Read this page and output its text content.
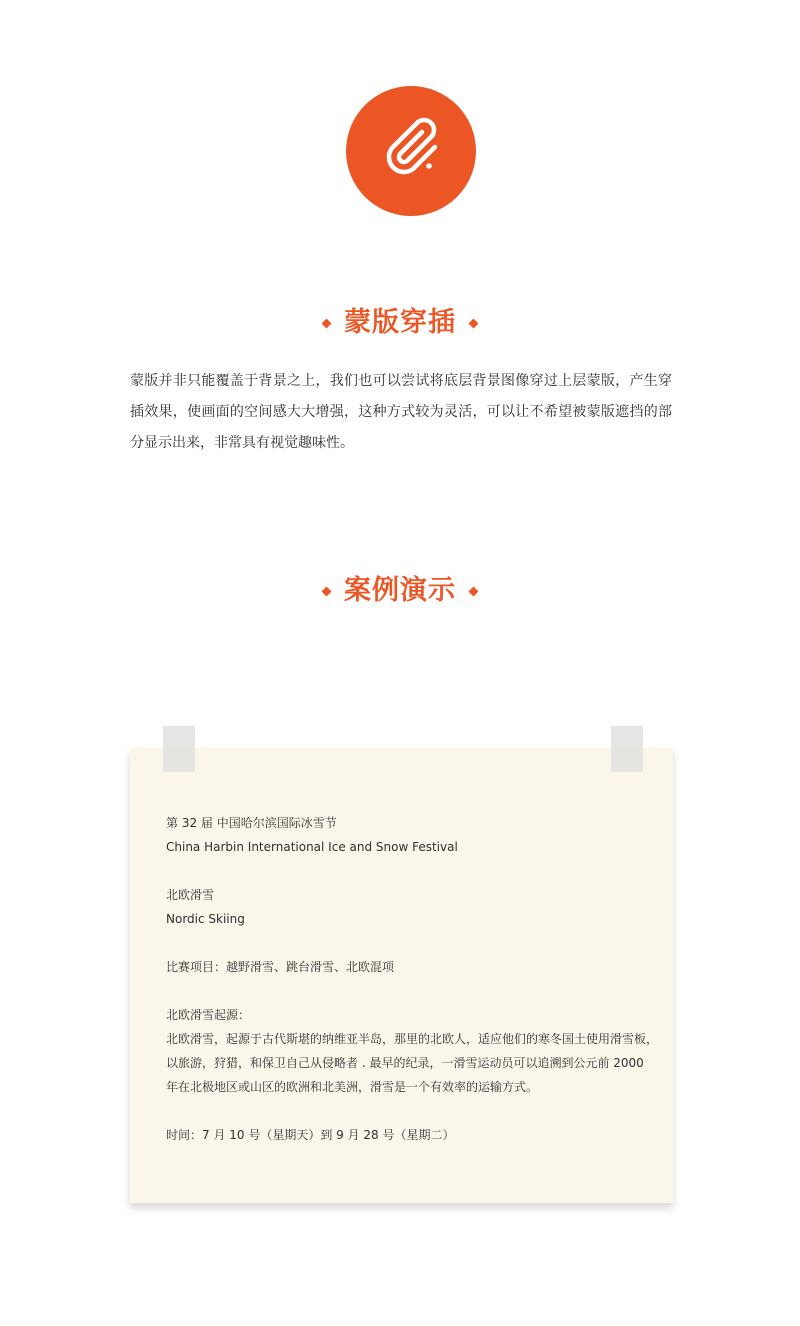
蒙版穿插

蒙版并非只能覆盖于背景之上，我们也可以尝试将底层背景图像穿过上层蒙版，产生穿插效果，使画面的空间感大大增强，这种方式较为灵活，可以让不希望被蒙版遮挡的部分显示出来，非常具有视觉趣味性。

案例演示
第 32 届 中国哈尔滨国际冰雪节
China Harbin International Ice and Snow Festival
北欧滑雪
Nordic Skiing
比赛项目：越野滑雪、跳台滑雪、北欧混项
北欧滑雪起源：
北欧滑雪，起源于古代斯堪的纳维亚半岛，那里的北欧人，适应他们的寒冬国土使用滑雪板，
以旅游，狩猎，和保卫自己从侵略者 . 最早的纪录，一滑雪运动员可以追溯到公元前 2000
年在北极地区或山区的欧洲和北美洲，滑雪是一个有效率的运输方式。
时间：7 月 10 号（星期天）到 9 月 28 号（星期二）
